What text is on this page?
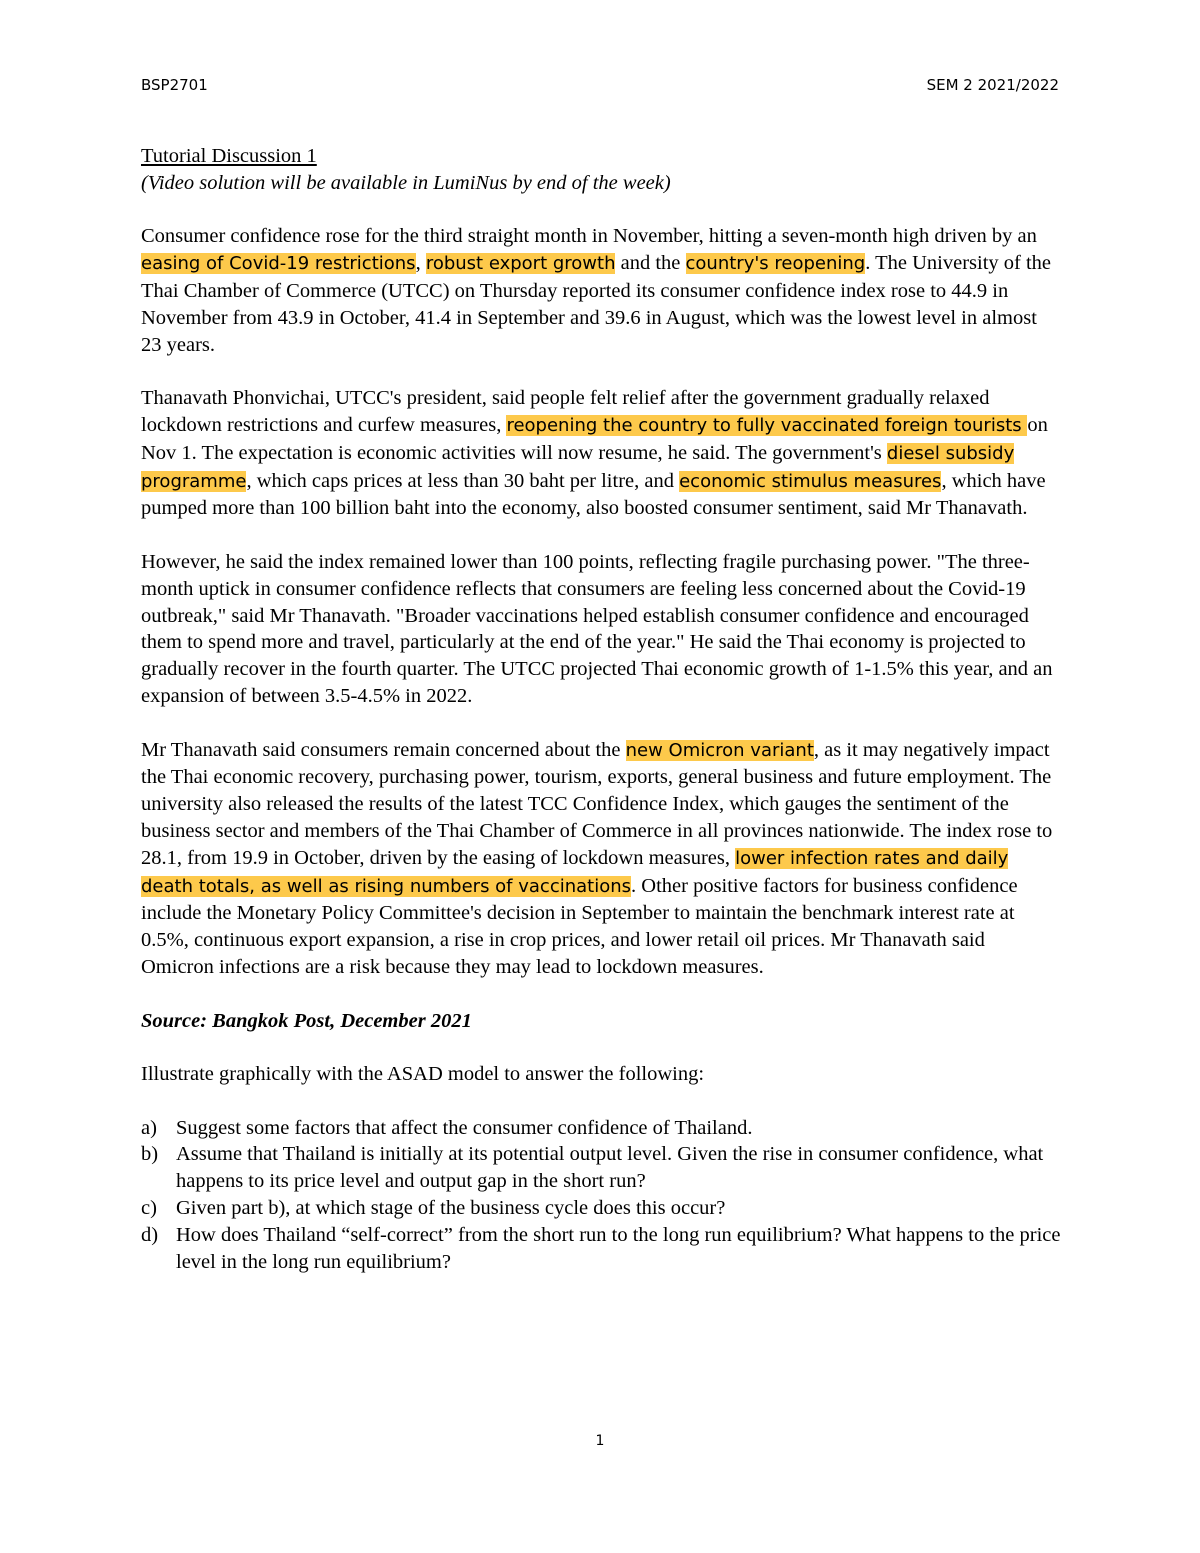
BSP2701	SEM 2 2021/2022
Tutorial Discussion 1
(Video solution will be available in LumiNus by end of the week)

Consumer confidence rose for the third straight month in November, hitting a seven-month high driven by an easing of Covid-19 restrictions, robust export growth and the country's reopening. The University of the Thai Chamber of Commerce (UTCC) on Thursday reported its consumer confidence index rose to 44.9 in November from 43.9 in October, 41.4 in September and 39.6 in August, which was the lowest level in almost 23 years.

Thanavath Phonvichai, UTCC's president, said people felt relief after the government gradually relaxed lockdown restrictions and curfew measures, reopening the country to fully vaccinated foreign tourists on Nov 1. The expectation is economic activities will now resume, he said. The government's diesel subsidy programme, which caps prices at less than 30 baht per litre, and economic stimulus measures, which have pumped more than 100 billion baht into the economy, also boosted consumer sentiment, said Mr Thanavath.

However, he said the index remained lower than 100 points, reflecting fragile purchasing power. "The three-month uptick in consumer confidence reflects that consumers are feeling less concerned about the Covid-19 outbreak," said Mr Thanavath. "Broader vaccinations helped establish consumer confidence and encouraged them to spend more and travel, particularly at the end of the year." He said the Thai economy is projected to gradually recover in the fourth quarter. The UTCC projected Thai economic growth of 1-1.5% this year, and an expansion of between 3.5-4.5% in 2022.

Mr Thanavath said consumers remain concerned about the new Omicron variant, as it may negatively impact the Thai economic recovery, purchasing power, tourism, exports, general business and future employment. The university also released the results of the latest TCC Confidence Index, which gauges the sentiment of the business sector and members of the Thai Chamber of Commerce in all provinces nationwide. The index rose to 28.1, from 19.9 in October, driven by the easing of lockdown measures, lower infection rates and daily death totals, as well as rising numbers of vaccinations. Other positive factors for business confidence include the Monetary Policy Committee's decision in September to maintain the benchmark interest rate at 0.5%, continuous export expansion, a rise in crop prices, and lower retail oil prices. Mr Thanavath said Omicron infections are a risk because they may lead to lockdown measures.

Source: Bangkok Post, December 2021

Illustrate graphically with the ASAD model to answer the following:

a) Suggest some factors that affect the consumer confidence of Thailand.
b) Assume that Thailand is initially at its potential output level. Given the rise in consumer confidence, what happens to its price level and output gap in the short run?
c) Given part b), at which stage of the business cycle does this occur?
d) How does Thailand “self-correct” from the short run to the long run equilibrium? What happens to the price level in the long run equilibrium?
1
